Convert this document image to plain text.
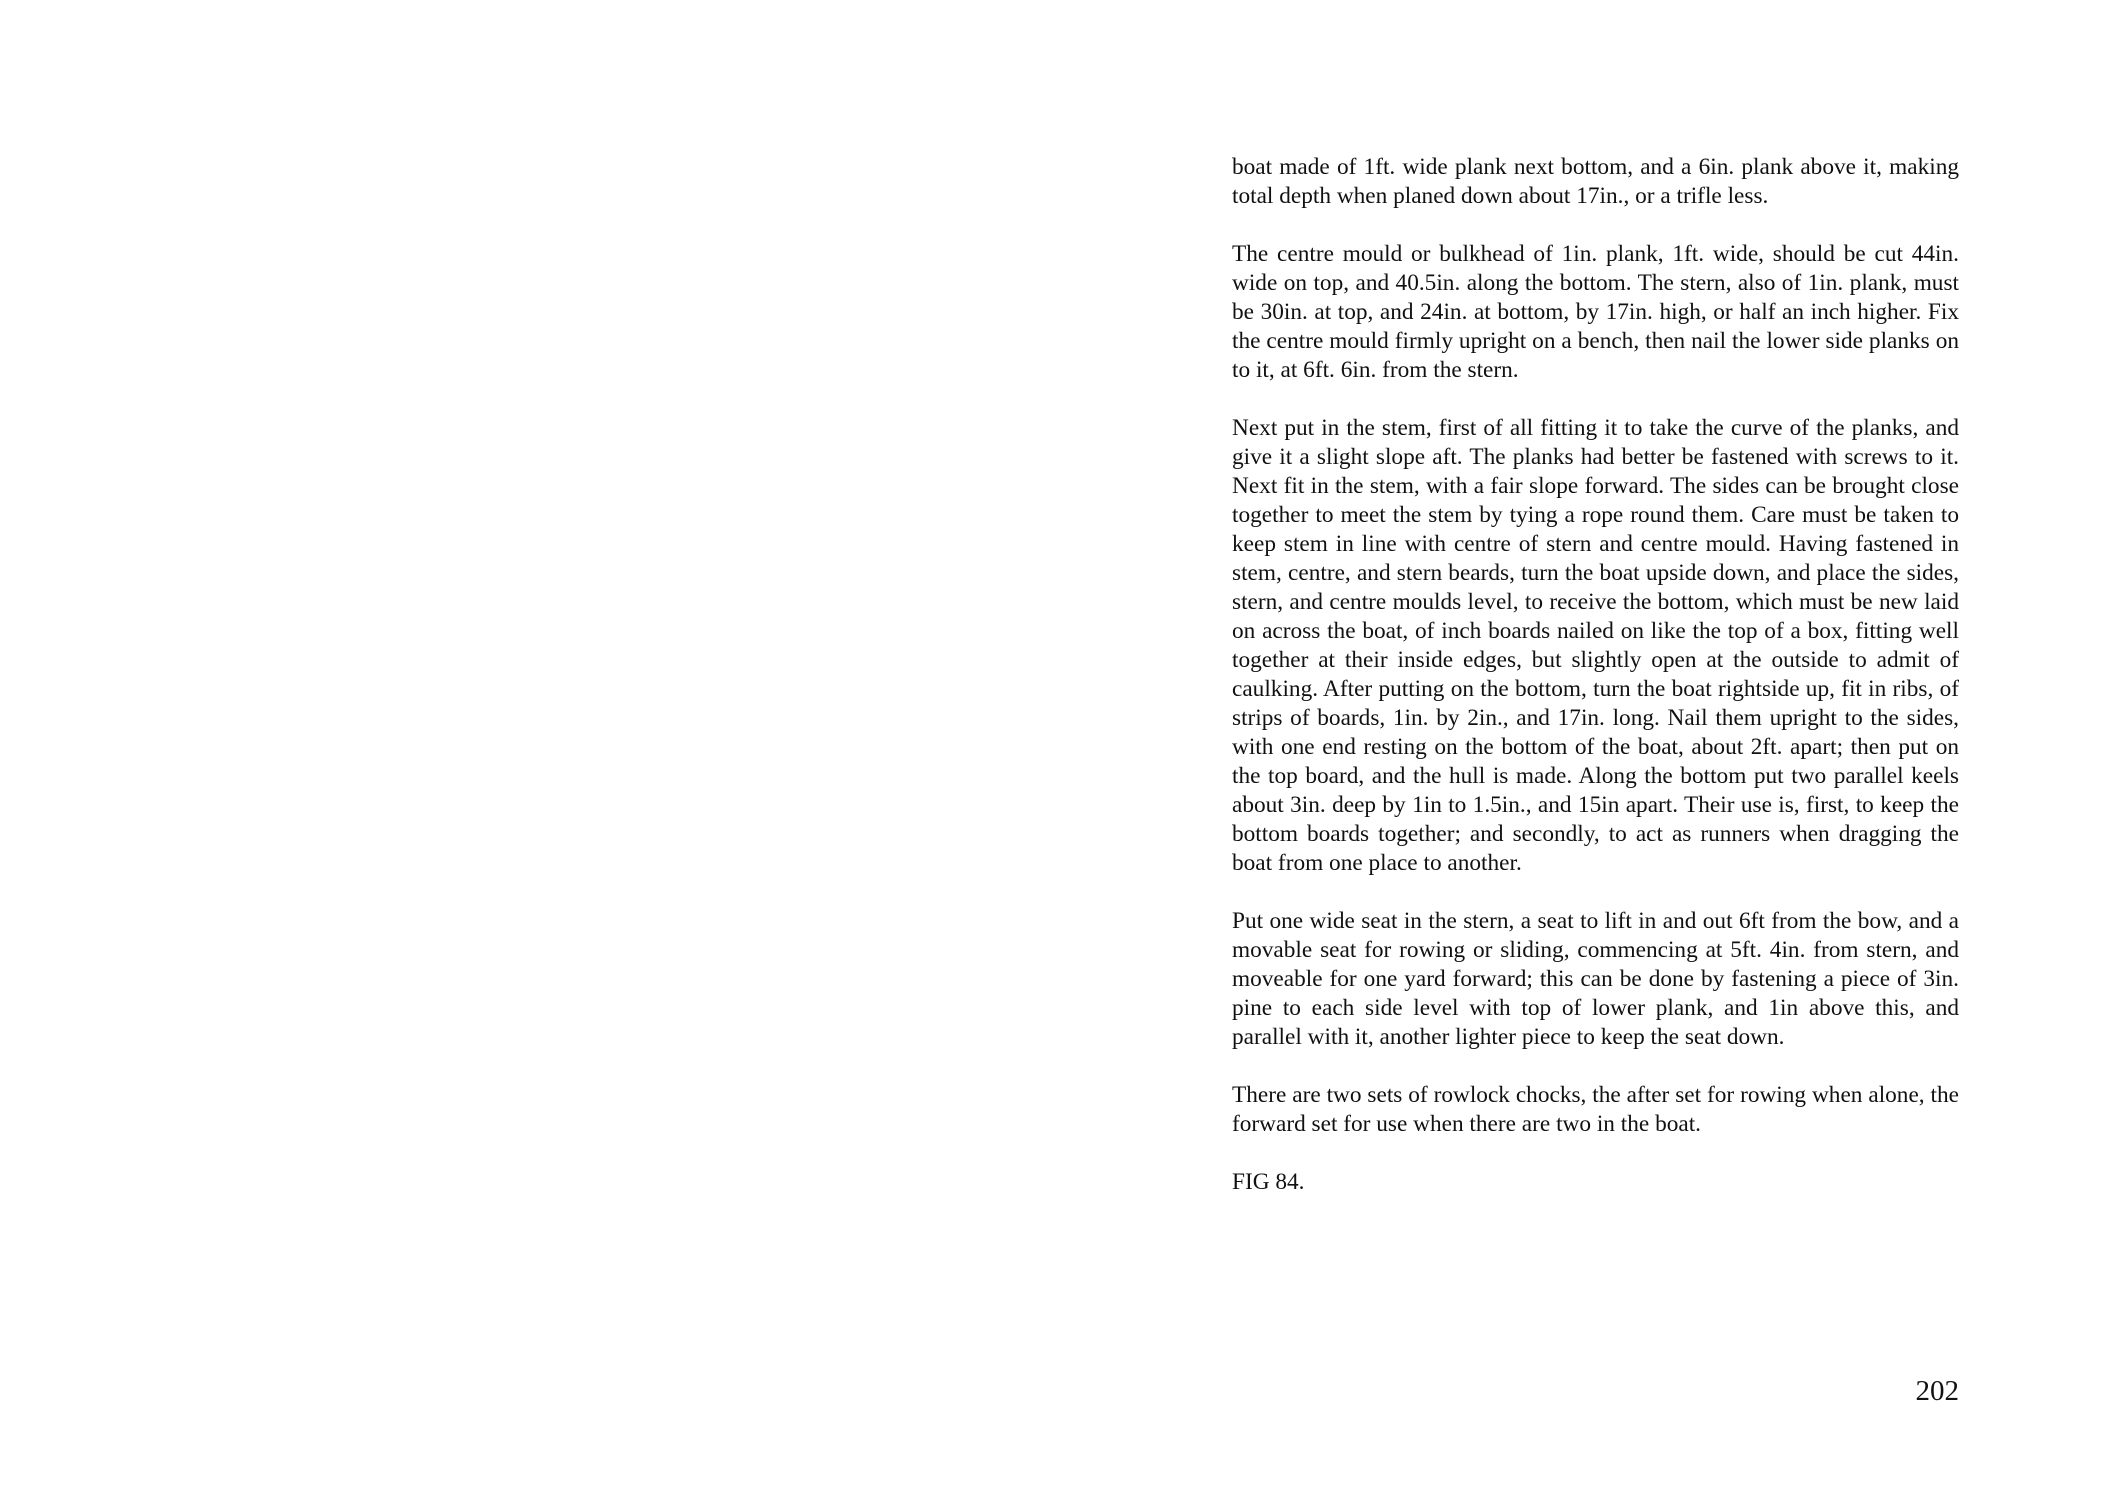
boat made of 1ft. wide plank next bottom, and a 6in. plank above it, making total depth when planed down about 17in., or a trifle less.

The centre mould or bulkhead of 1in. plank, 1ft. wide, should be cut 44in. wide on top, and 40.5in. along the bottom. The stern, also of 1in. plank, must be 30in. at top, and 24in. at bottom, by 17in. high, or half an inch higher. Fix the centre mould firmly upright on a bench, then nail the lower side planks on to it, at 6ft. 6in. from the stern.

Next put in the stem, first of all fitting it to take the curve of the planks, and give it a slight slope aft. The planks had better be fastened with screws to it. Next fit in the stem, with a fair slope forward. The sides can be brought close together to meet the stem by tying a rope round them. Care must be taken to keep stem in line with centre of stern and centre mould. Having fastened in stem, centre, and stern beards, turn the boat upside down, and place the sides, stern, and centre moulds level, to receive the bottom, which must be new laid on across the boat, of inch boards nailed on like the top of a box, fitting well together at their inside edges, but slightly open at the outside to admit of caulking. After putting on the bottom, turn the boat rightside up, fit in ribs, of strips of boards, 1in. by 2in., and 17in. long. Nail them upright to the sides, with one end resting on the bottom of the boat, about 2ft. apart; then put on the top board, and the hull is made. Along the bottom put two parallel keels about 3in. deep by 1in to 1.5in., and 15in apart. Their use is, first, to keep the bottom boards together; and secondly, to act as runners when dragging the boat from one place to another.

Put one wide seat in the stern, a seat to lift in and out 6ft from the bow, and a movable seat for rowing or sliding, commencing at 5ft. 4in. from stern, and moveable for one yard forward; this can be done by fastening a piece of 3in. pine to each side level with top of lower plank, and 1in above this, and parallel with it, another lighter piece to keep the seat down.

There are two sets of rowlock chocks, the after set for rowing when alone, the forward set for use when there are two in the boat.

FIG 84.

202
